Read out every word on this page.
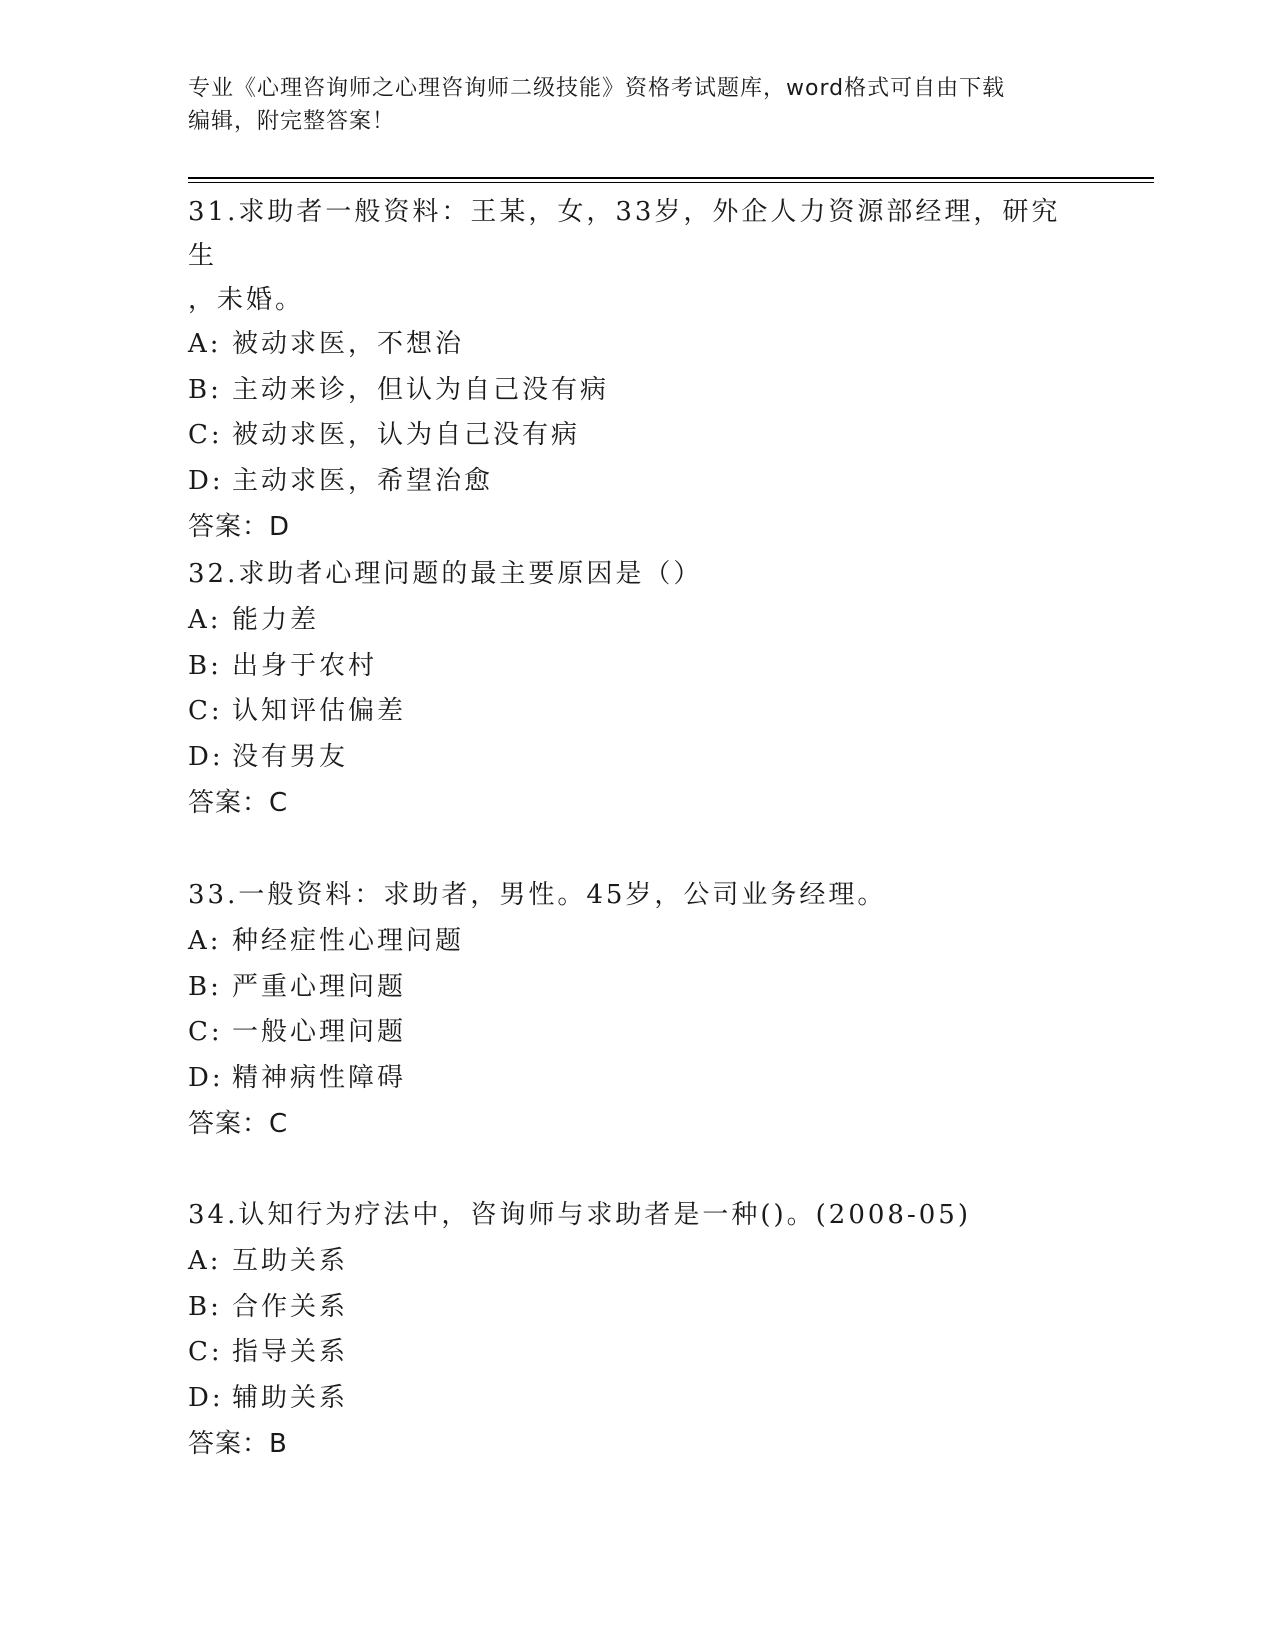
专业《心理咨询师之心理咨询师二级技能》资格考试题库，word格式可自由下载
编辑，附完整答案！

31.求助者一般资料：王某，女，33岁，外企人力资源部经理，研究生

，未婚。

A: 被动求医，不想治

B: 主动来诊，但认为自己没有病

C: 被动求医，认为自己没有病

D: 主动求医，希望治愈

答案：D

32.求助者心理问题的最主要原因是（）

A: 能力差

B: 出身于农村

C: 认知评估偏差

D: 没有男友

答案：C

33.一般资料：求助者，男性。45岁，公司业务经理。

A: 种经症性心理问题

B: 严重心理问题

C: 一般心理问题

D: 精神病性障碍

答案：C

34.认知行为疗法中，咨询师与求助者是一种()。(2008-05)

A: 互助关系

B: 合作关系

C: 指导关系

D: 辅助关系

答案：B
